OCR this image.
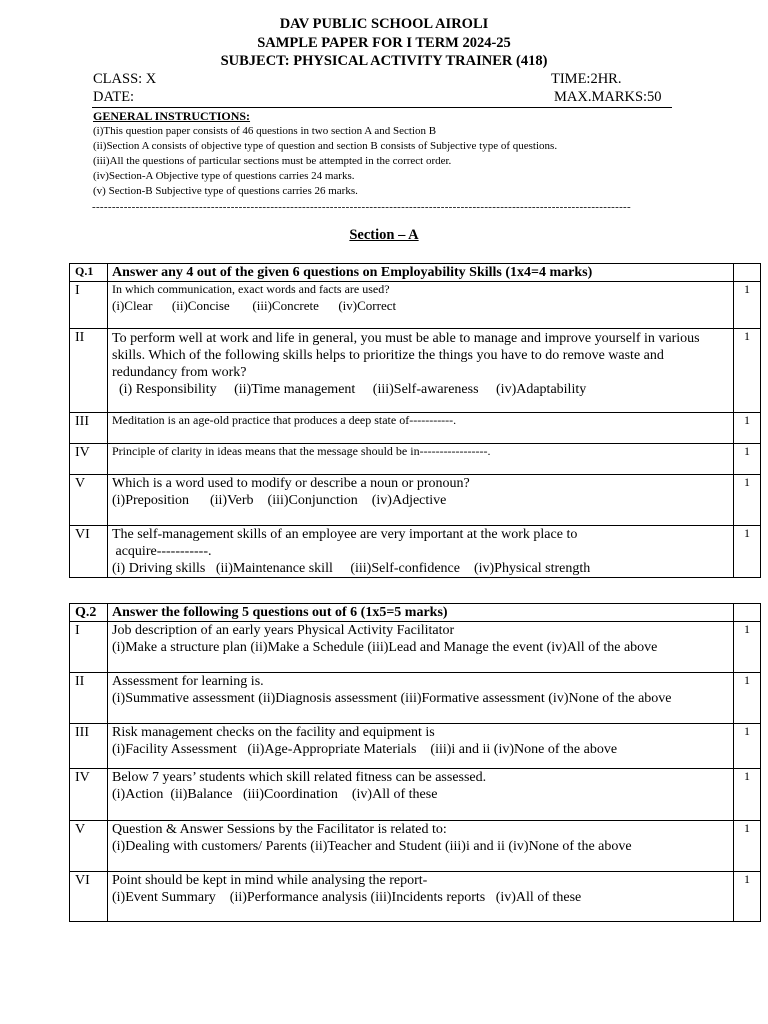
DAV PUBLIC SCHOOL AIROLI
SAMPLE PAPER FOR I TERM 2024-25
SUBJECT: PHYSICAL ACTIVITY TRAINER (418)
CLASS: X	TIME:2HR.
DATE:	MAX.MARKS:50
GENERAL INSTRUCTIONS:
(i)This question paper consists of 46 questions in two section A and Section B
(ii)Section A consists of objective type of question and section B consists of Subjective type of questions.
(iii)All the questions of particular sections must be attempted in the correct order.
(iv)Section-A Objective type of questions carries 24 marks.
(v) Section-B Subjective type of questions carries 26 marks.
----------------------------------------------------------------------------------------------------------------------------------------
Section – A
Q.1	Answer any 4 out of the given 6 questions on Employability Skills (1x4=4 marks)	
I	In which communication, exact words and facts are used?
(i)Clear      (ii)Concise       (iii)Concrete      (iv)Correct	1
II	To perform well at work and life in general, you must be able to manage and improve yourself in various skills. Which of the following skills helps to prioritize the things you have to do remove waste and redundancy from work?
(i) Responsibility     (ii)Time management     (iii)Self-awareness     (iv)Adaptability	1
III	Meditation is an age-old practice that produces a deep state of-----------.	1
IV	Principle of clarity in ideas means that the message should be in-----------------.	1
V	Which is a word used to modify or describe a noun or pronoun?
(i)Preposition      (ii)Verb    (iii)Conjunction    (iv)Adjective	1
VI	The self-management skills of an employee are very important at the work place to
acquire-----------.
(i) Driving skills   (ii)Maintenance skill     (iii)Self-confidence    (iv)Physical strength	1
Q.2	Answer the following 5 questions out of 6 (1x5=5 marks)	
I	Job description of an early years Physical Activity Facilitator
(i)Make a structure plan (ii)Make a Schedule (iii)Lead and Manage the event (iv)All of the above	1
II	Assessment for learning is.
(i)Summative assessment (ii)Diagnosis assessment (iii)Formative assessment (iv)None of the above	1
III	Risk management checks on the facility and equipment is
(i)Facility Assessment   (ii)Age-Appropriate Materials    (iii)i and ii (iv)None of the above	1
IV	Below 7 years’ students which skill related fitness can be assessed.
(i)Action  (ii)Balance   (iii)Coordination    (iv)All of these	1
V	Question & Answer Sessions by the Facilitator is related to:
(i)Dealing with customers/ Parents (ii)Teacher and Student (iii)i and ii (iv)None of the above	1
VI	Point should be kept in mind while analysing the report-
(i)Event Summary    (ii)Performance analysis (iii)Incidents reports   (iv)All of these	1
